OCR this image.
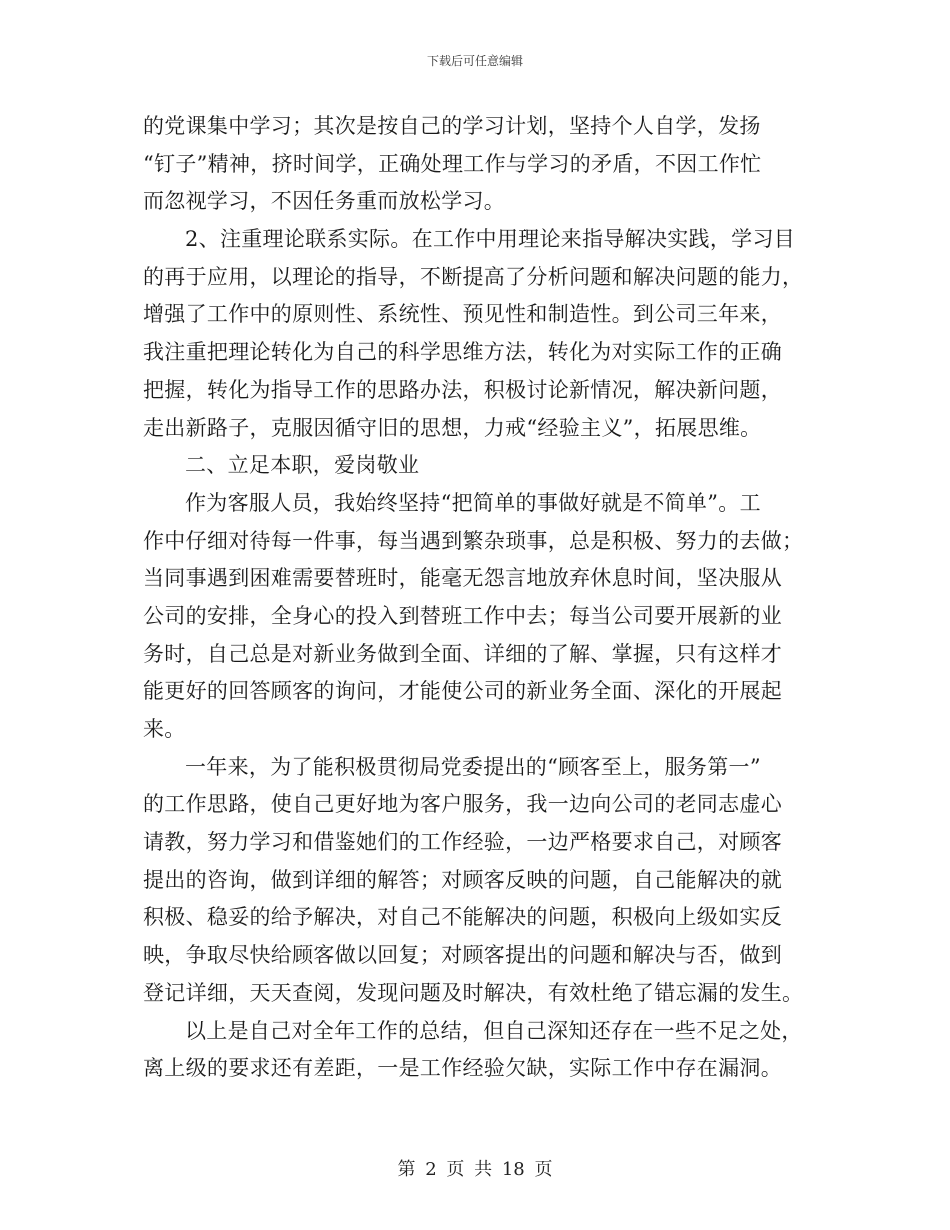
下载后可任意编辑
的党课集中学习；其次是按自己的学习计划，坚持个人自学，发扬
“钉子”精神，挤时间学，正确处理工作与学习的矛盾，不因工作忙
而忽视学习，不因任务重而放松学习。
2、注重理论联系实际。在工作中用理论来指导解决实践，学习目
的再于应用，以理论的指导，不断提高了分析问题和解决问题的能力，
增强了工作中的原则性、系统性、预见性和制造性。到公司三年来，
我注重把理论转化为自己的科学思维方法，转化为对实际工作的正确
把握，转化为指导工作的思路办法，积极讨论新情况，解决新问题，
走出新路子，克服因循守旧的思想，力戒“经验主义”，拓展思维。
二、立足本职，爱岗敬业
作为客服人员，我始终坚持“把简单的事做好就是不简单”。工
作中仔细对待每一件事，每当遇到繁杂琐事，总是积极、努力的去做；
当同事遇到困难需要替班时，能毫无怨言地放弃休息时间，坚决服从
公司的安排，全身心的投入到替班工作中去；每当公司要开展新的业
务时，自己总是对新业务做到全面、详细的了解、掌握，只有这样才
能更好的回答顾客的询问，才能使公司的新业务全面、深化的开展起
来。
一年来，为了能积极贯彻局党委提出的“顾客至上，服务第一”
的工作思路，使自己更好地为客户服务，我一边向公司的老同志虚心
请教，努力学习和借鉴她们的工作经验，一边严格要求自己，对顾客
提出的咨询，做到详细的解答；对顾客反映的问题，自己能解决的就
积极、稳妥的给予解决，对自己不能解决的问题，积极向上级如实反
映，争取尽快给顾客做以回复；对顾客提出的问题和解决与否，做到
登记详细，天天查阅，发现问题及时解决，有效杜绝了错忘漏的发生。
以上是自己对全年工作的总结，但自己深知还存在一些不足之处，
离上级的要求还有差距，一是工作经验欠缺，实际工作中存在漏洞。
第 2 页 共 18 页
